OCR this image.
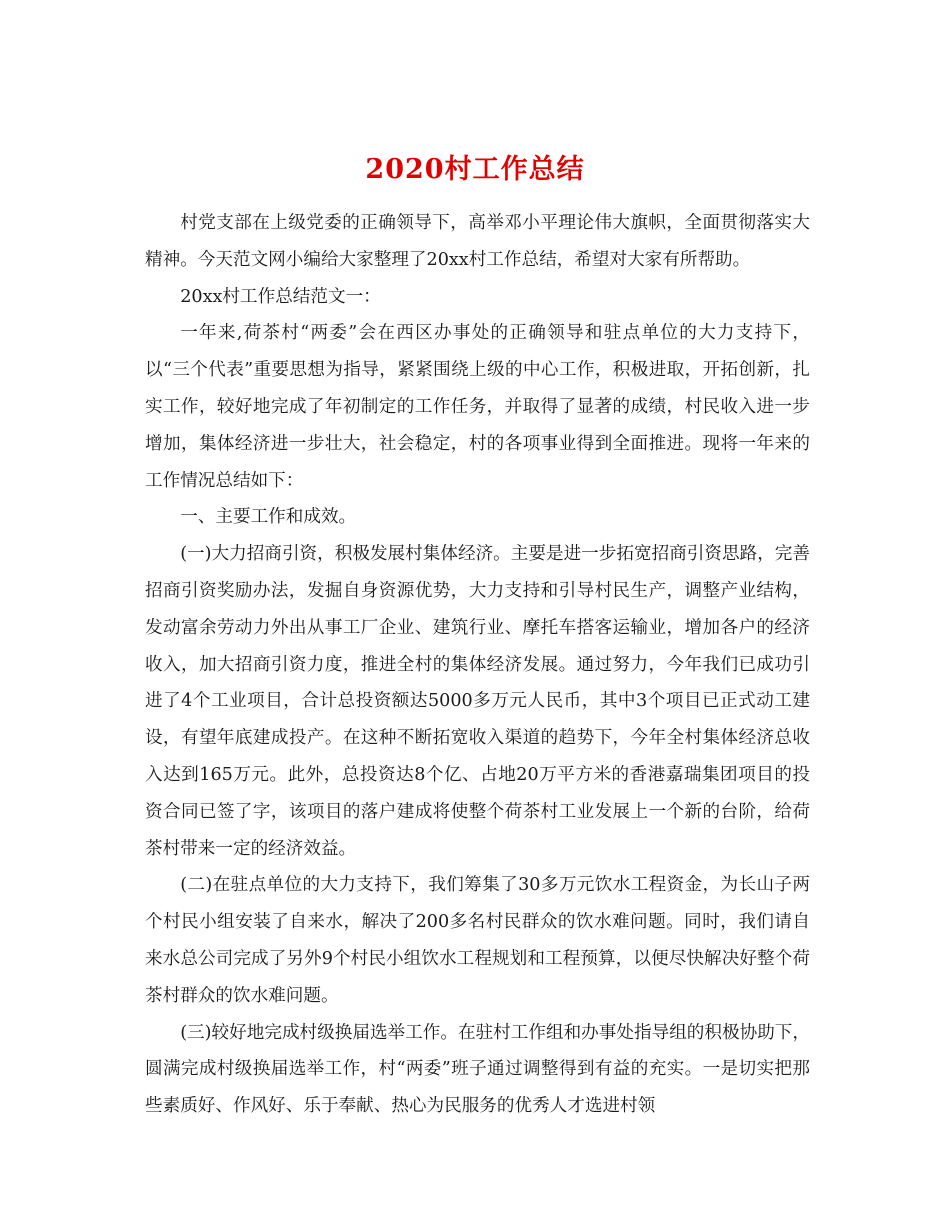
2020村工作总结

村党支部在上级党委的正确领导下，高举邓小平理论伟大旗帜，全面贯彻落实大精神。今天范文网小编给大家整理了20xx村工作总结，希望对大家有所帮助。

20xx村工作总结范文一：

一年来,荷茶村“两委”会在西区办事处的正确领导和驻点单位的大力支持下，以“三个代表”重要思想为指导，紧紧围绕上级的中心工作，积极进取，开拓创新，扎实工作，较好地完成了年初制定的工作任务，并取得了显著的成绩，村民收入进一步增加，集体经济进一步壮大，社会稳定，村的各项事业得到全面推进。现将一年来的工作情况总结如下：

一、主要工作和成效。

(一)大力招商引资，积极发展村集体经济。主要是进一步拓宽招商引资思路，完善招商引资奖励办法，发掘自身资源优势，大力支持和引导村民生产，调整产业结构，发动富余劳动力外出从事工厂企业、建筑行业、摩托车搭客运输业，增加各户的经济收入，加大招商引资力度，推进全村的集体经济发展。通过努力，今年我们已成功引进了4个工业项目，合计总投资额达5000多万元人民币，其中3个项目已正式动工建设，有望年底建成投产。在这种不断拓宽收入渠道的趋势下，今年全村集体经济总收入达到165万元。此外，总投资达8个亿、占地20万平方米的香港嘉瑞集团项目的投资合同已签了字，该项目的落户建成将使整个荷茶村工业发展上一个新的台阶，给荷茶村带来一定的经济效益。

(二)在驻点单位的大力支持下，我们筹集了30多万元饮水工程资金，为长山子两个村民小组安装了自来水，解决了200多名村民群众的饮水难问题。同时，我们请自来水总公司完成了另外9个村民小组饮水工程规划和工程预算，以便尽快解决好整个荷茶村群众的饮水难问题。

(三)较好地完成村级换届选举工作。在驻村工作组和办事处指导组的积极协助下，圆满完成村级换届选举工作，村“两委”班子通过调整得到有益的充实。一是切实把那些素质好、作风好、乐于奉献、热心为民服务的优秀人才选进村领
